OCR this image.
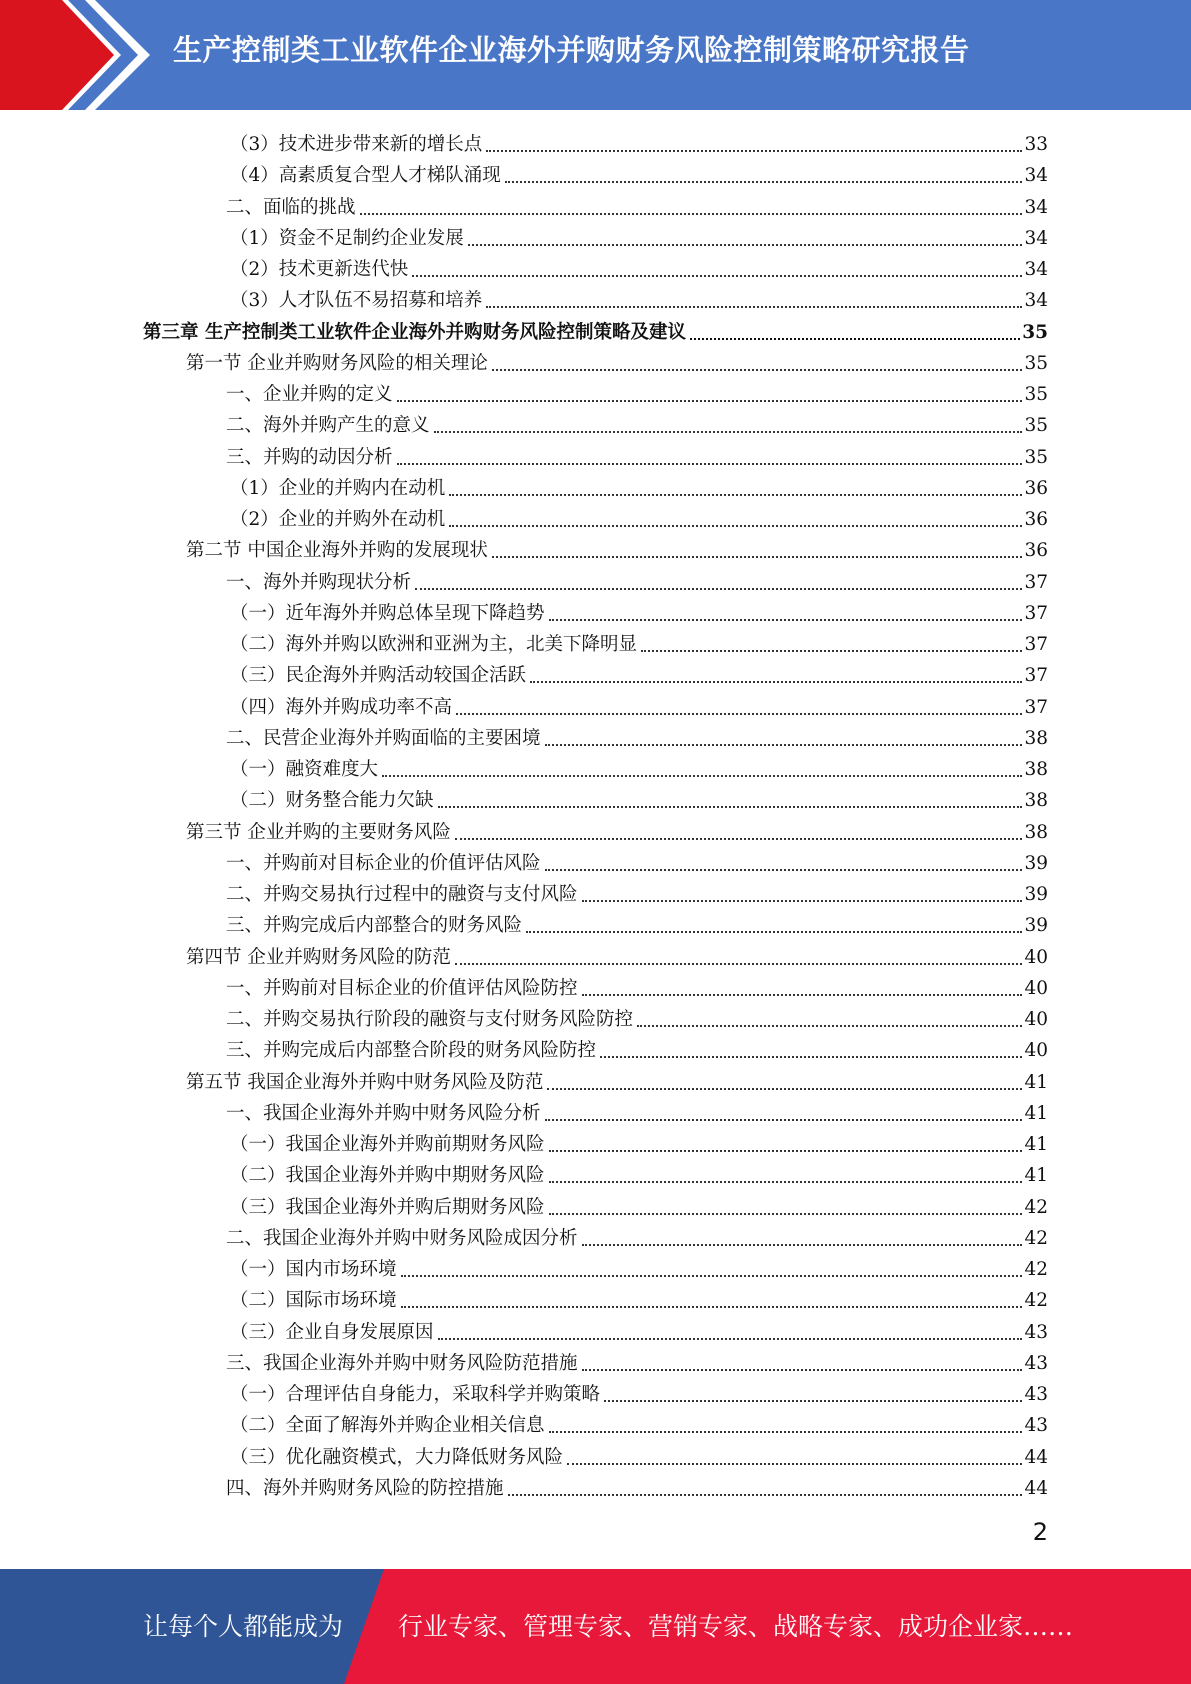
生产控制类工业软件企业海外并购财务风险控制策略研究报告
（3）技术进步带来新的增长点	33
（4）高素质复合型人才梯队涌现	34
二、面临的挑战	34
（1）资金不足制约企业发展	34
（2）技术更新迭代快	34
（3）人才队伍不易招募和培养	34
第三章 生产控制类工业软件企业海外并购财务风险控制策略及建议	35
第一节 企业并购财务风险的相关理论	35
一、企业并购的定义	35
二、海外并购产生的意义	35
三、并购的动因分析	35
（1）企业的并购内在动机	36
（2）企业的并购外在动机	36
第二节 中国企业海外并购的发展现状	36
一、海外并购现状分析	37
（一）近年海外并购总体呈现下降趋势	37
（二）海外并购以欧洲和亚洲为主，北美下降明显	37
（三）民企海外并购活动较国企活跃	37
（四）海外并购成功率不高	37
二、民营企业海外并购面临的主要困境	38
（一）融资难度大	38
（二）财务整合能力欠缺	38
第三节 企业并购的主要财务风险	38
一、并购前对目标企业的价值评估风险	39
二、并购交易执行过程中的融资与支付风险	39
三、并购完成后内部整合的财务风险	39
第四节 企业并购财务风险的防范	40
一、并购前对目标企业的价值评估风险防控	40
二、并购交易执行阶段的融资与支付财务风险防控	40
三、并购完成后内部整合阶段的财务风险防控	40
第五节 我国企业海外并购中财务风险及防范	41
一、我国企业海外并购中财务风险分析	41
（一）我国企业海外并购前期财务风险	41
（二）我国企业海外并购中期财务风险	41
（三）我国企业海外并购后期财务风险	42
二、我国企业海外并购中财务风险成因分析	42
（一）国内市场环境	42
（二）国际市场环境	42
（三）企业自身发展原因	43
三、我国企业海外并购中财务风险防范措施	43
（一）合理评估自身能力，采取科学并购策略	43
（二）全面了解海外并购企业相关信息	43
（三）优化融资模式，大力降低财务风险	44
四、海外并购财务风险的防控措施	44
2
让每个人都能成为 行业专家、管理专家、营销专家、战略专家、成功企业家……
